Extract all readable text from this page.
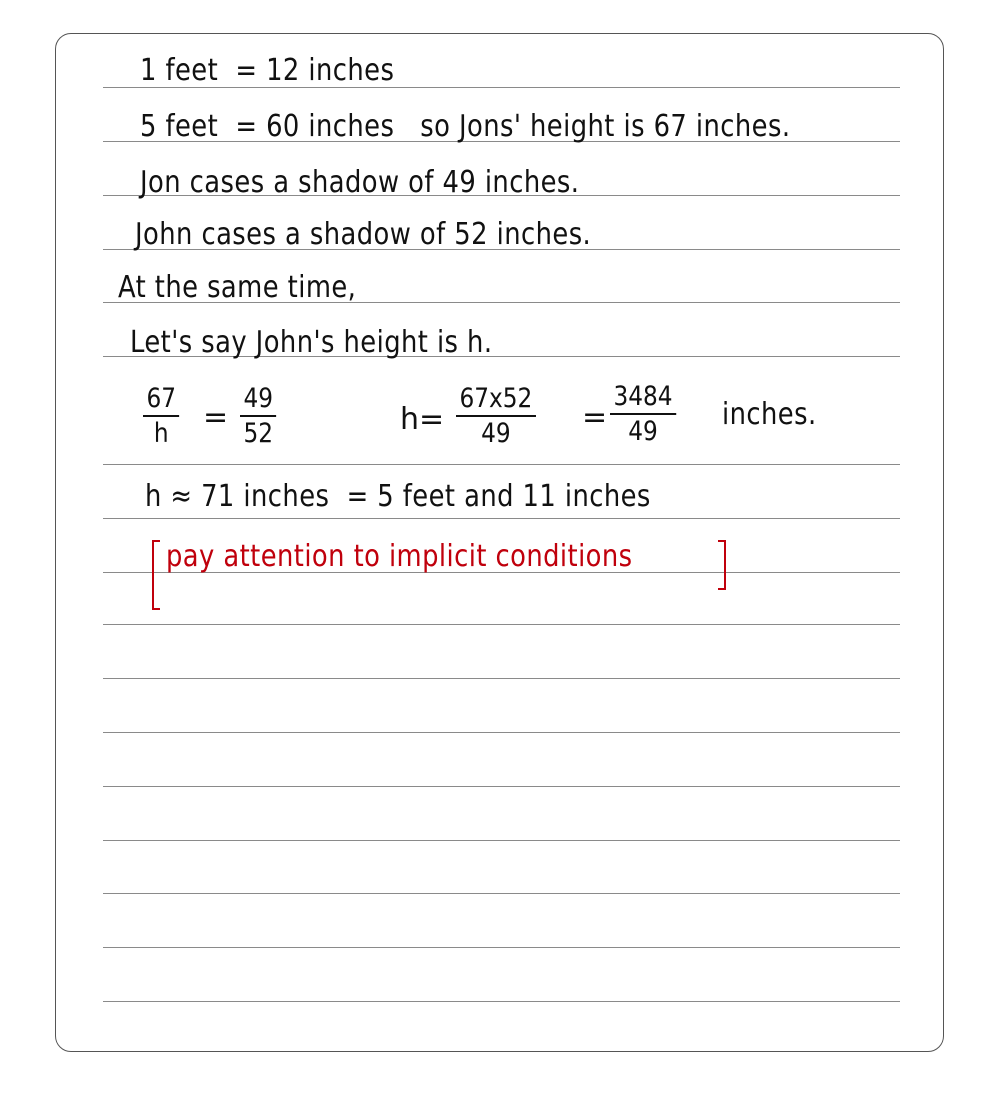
1 feet  = 12 inches
5 feet  = 60 inches   so Jons' height is 67 inches.
Jon cases a shadow of 49 inches.
John cases a shadow of 52 inches.
At the same time,
Let's say John's height is h.
67
h =
49
52	h=
67x52
49 =
3484
49 inches.
h ≈ 71 inches  = 5 feet and 11 inches
pay attention to implicit conditions
